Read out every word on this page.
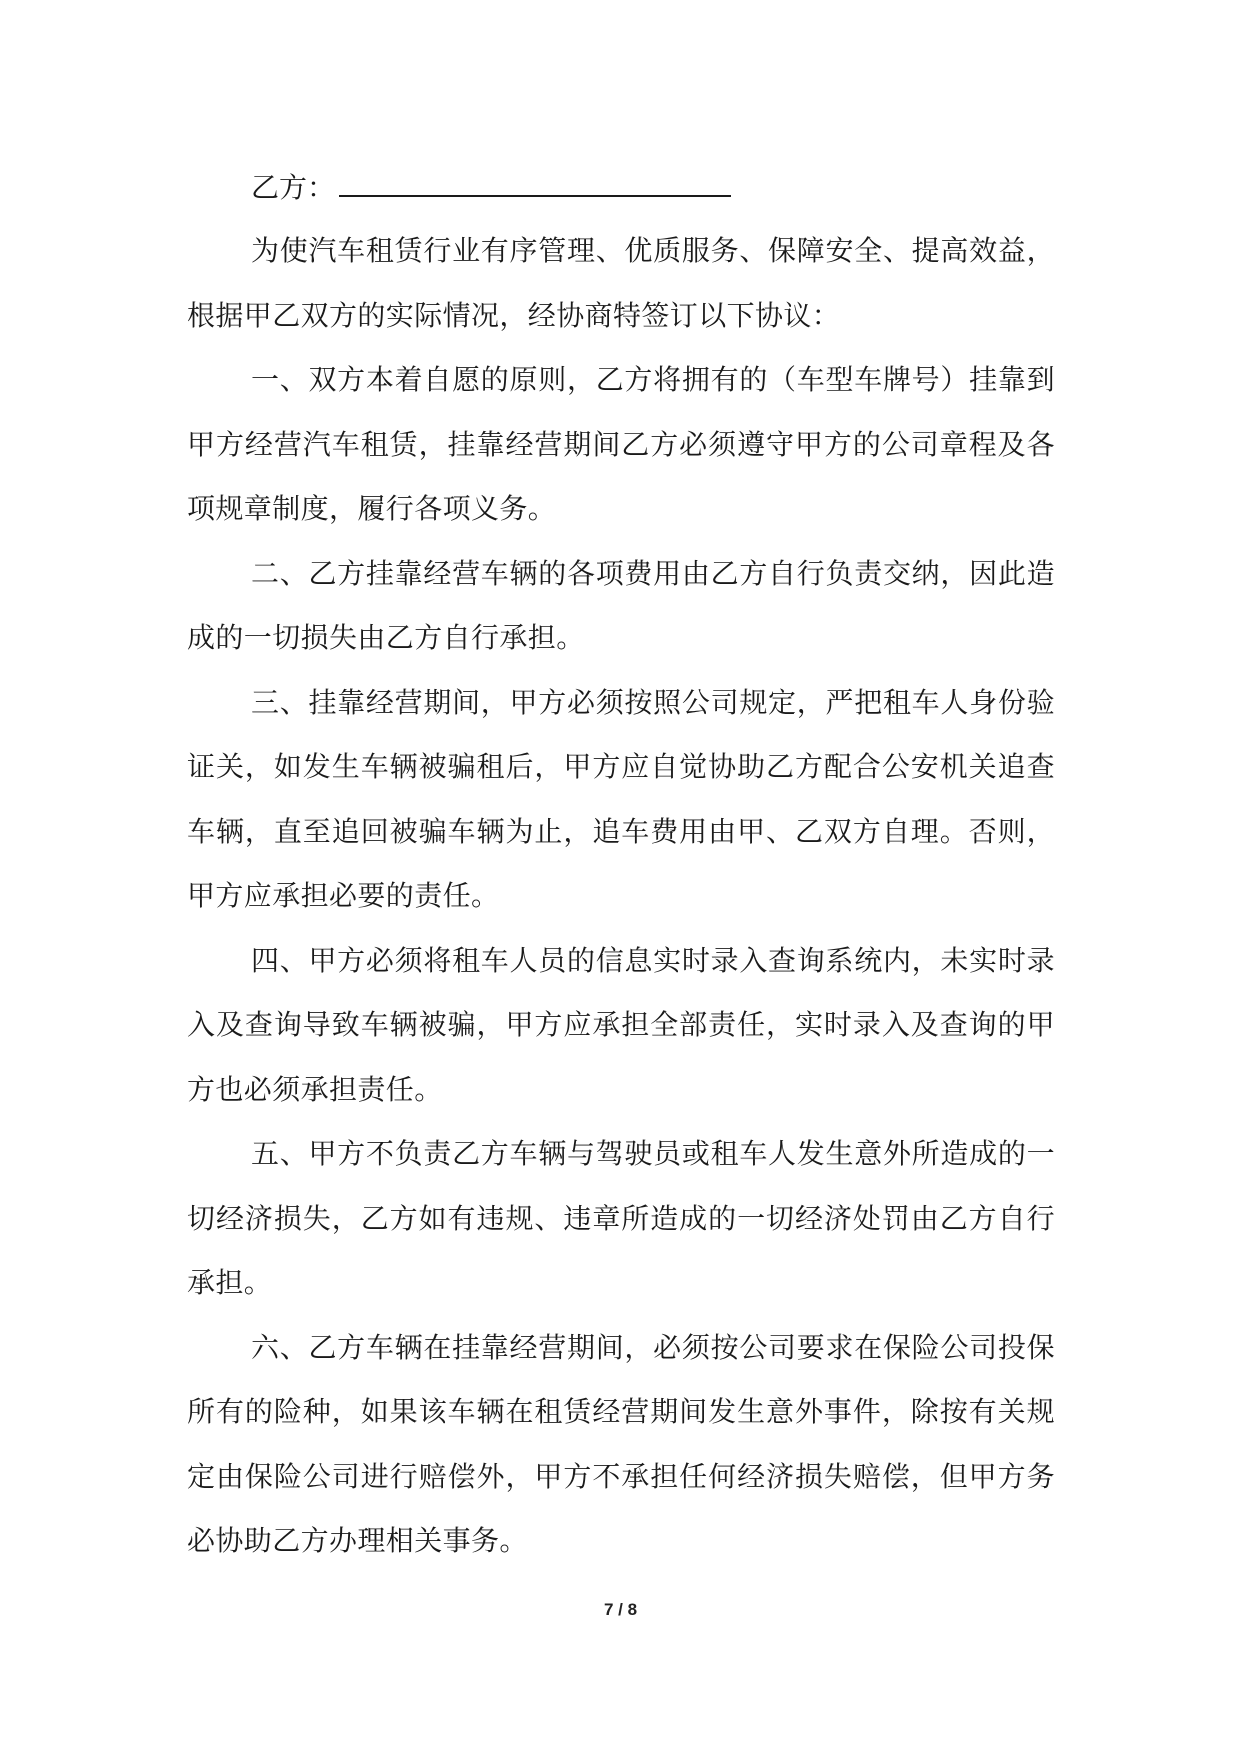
乙方：

为使汽车租赁行业有序管理、优质服务、保障安全、提高效益，根据甲乙双方的实际情况，经协商特签订以下协议：

一、双方本着自愿的原则，乙方将拥有的（车型车牌号）挂靠到甲方经营汽车租赁，挂靠经营期间乙方必须遵守甲方的公司章程及各项规章制度，履行各项义务。

二、乙方挂靠经营车辆的各项费用由乙方自行负责交纳，因此造成的一切损失由乙方自行承担。

三、挂靠经营期间，甲方必须按照公司规定，严把租车人身份验证关，如发生车辆被骗租后，甲方应自觉协助乙方配合公安机关追查车辆，直至追回被骗车辆为止，追车费用由甲、乙双方自理。否则，甲方应承担必要的责任。

四、甲方必须将租车人员的信息实时录入查询系统内，未实时录入及查询导致车辆被骗，甲方应承担全部责任，实时录入及查询的甲方也必须承担责任。

五、甲方不负责乙方车辆与驾驶员或租车人发生意外所造成的一切经济损失，乙方如有违规、违章所造成的一切经济处罚由乙方自行承担。

六、乙方车辆在挂靠经营期间，必须按公司要求在保险公司投保所有的险种，如果该车辆在租赁经营期间发生意外事件，除按有关规定由保险公司进行赔偿外，甲方不承担任何经济损失赔偿，但甲方务必协助乙方办理相关事务。

7 / 8
